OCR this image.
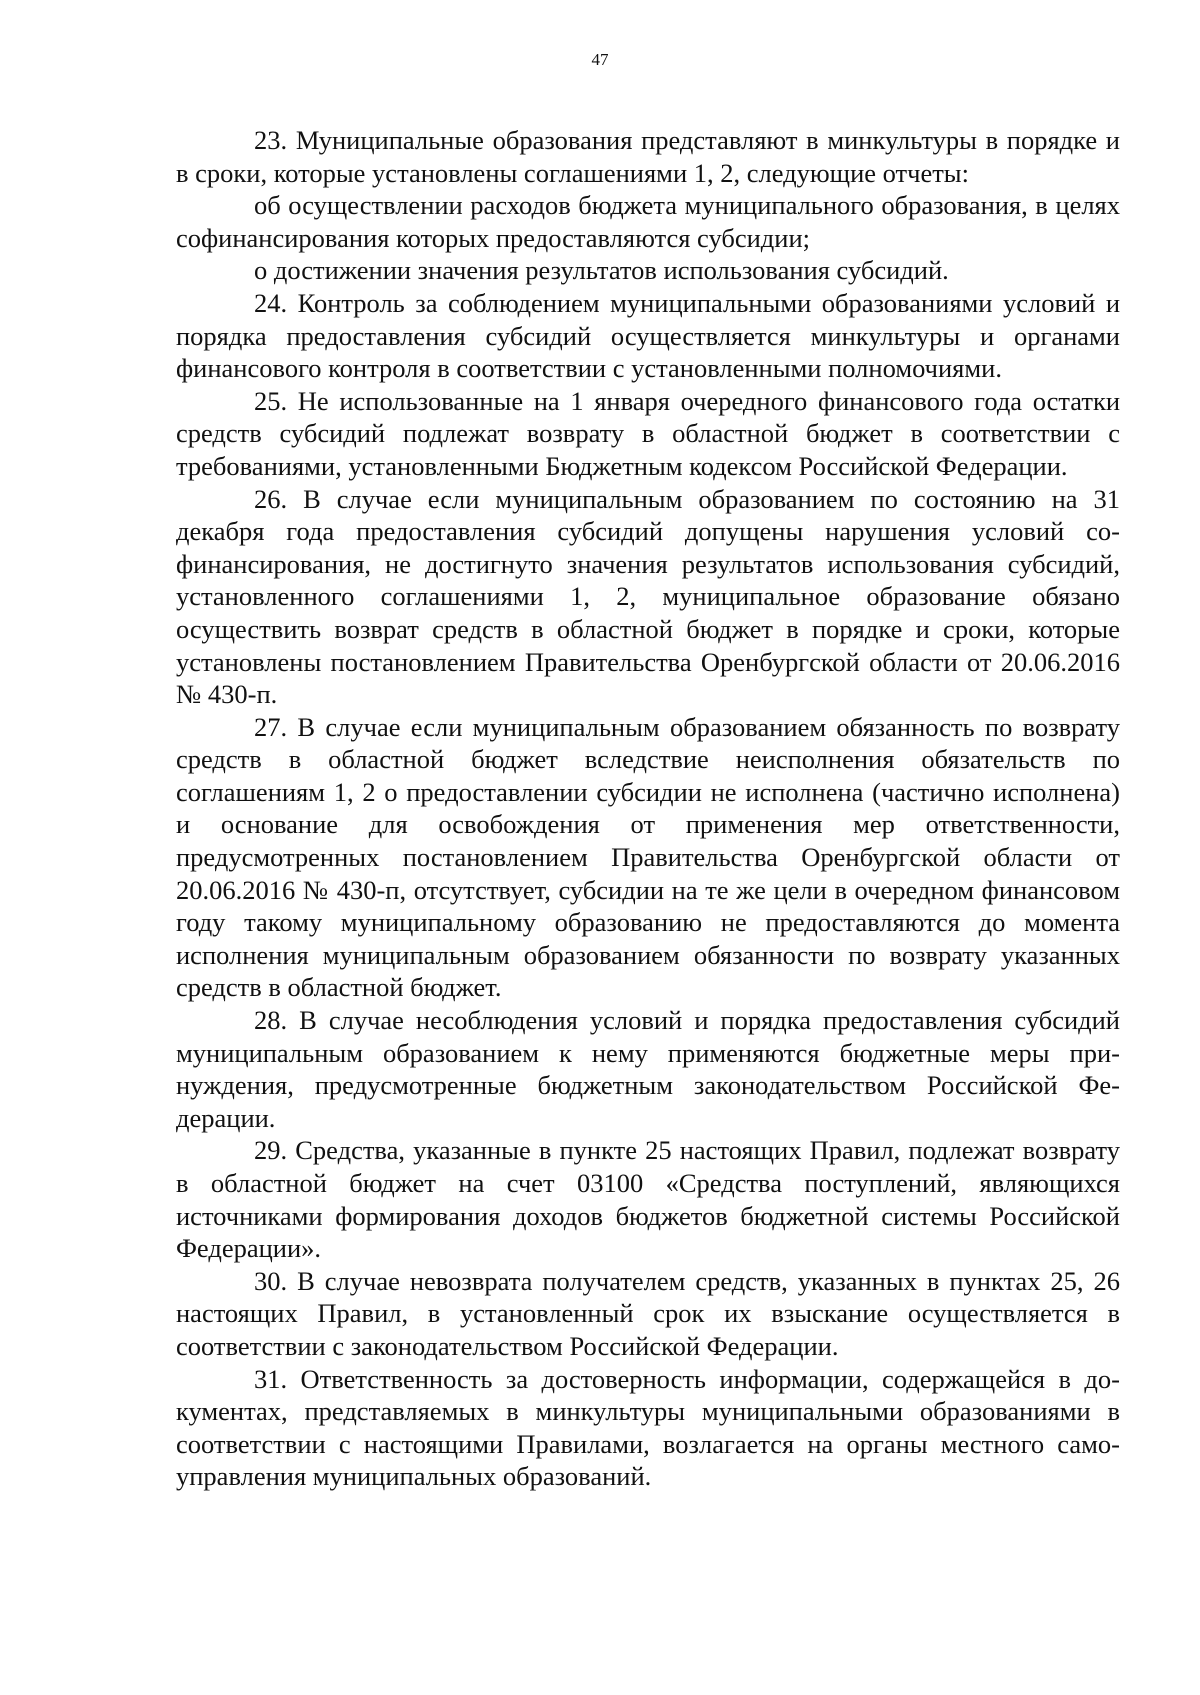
47

23. Муниципальные образования представляют в минкультуры в порядке и в сроки, которые установлены соглашениями 1, 2, следующие отчеты:

об осуществлении расходов бюджета муниципального образования, в целях софинансирования которых предоставляются субсидии;

о достижении значения результатов использования субсидий.

24. Контроль за соблюдением муниципальными образованиями условий и порядка предоставления субсидий осуществляется минкультуры и органами финансового контроля в соответствии с установленными полномочиями.

25. Не использованные на 1 января очередного финансового года остатки средств субсидий подлежат возврату в областной бюджет в соответствии с требованиями, установленными Бюджетным кодексом Российской Федерации.

26. В случае если муниципальным образованием по состоянию на 31 декабря года предоставления субсидий допущены нарушения условий софинансирования, не достигнуто значения результатов использования субсидий, установленного соглашениями 1, 2, муниципальное образование обязано осуществить возврат средств в областной бюджет в порядке и сроки, которые установлены постановлением Правительства Оренбургской области от 20.06.2016 № 430-п.

27. В случае если муниципальным образованием обязанность по возврату средств в областной бюджет вследствие неисполнения обязательств по соглашениям 1, 2 о предоставлении субсидии не исполнена (частично исполнена) и основание для освобождения от применения мер ответственности, предусмотренных постановлением Правительства Оренбургской области от 20.06.2016 № 430-п, отсутствует, субсидии на те же цели в очередном финансовом году такому муниципальному образованию не предоставляются до момента исполнения муниципальным образованием обязанности по возврату указанных средств в областной бюджет.

28. В случае несоблюдения условий и порядка предоставления субсидий муниципальным образованием к нему применяются бюджетные меры принуждения, предусмотренные бюджетным законодательством Российской Федерации.

29. Средства, указанные в пункте 25 настоящих Правил, подлежат возврату в областной бюджет на счет 03100 «Средства поступлений, являющихся источниками формирования доходов бюджетов бюджетной системы Российской Федерации».

30. В случае невозврата получателем средств, указанных в пунктах 25, 26 настоящих Правил, в установленный срок их взыскание осуществляется в соответствии с законодательством Российской Федерации.

31. Ответственность за достоверность информации, содержащейся в документах, представляемых в минкультуры муниципальными образованиями в соответствии с настоящими Правилами, возлагается на органы местного самоуправления муниципальных образований.
